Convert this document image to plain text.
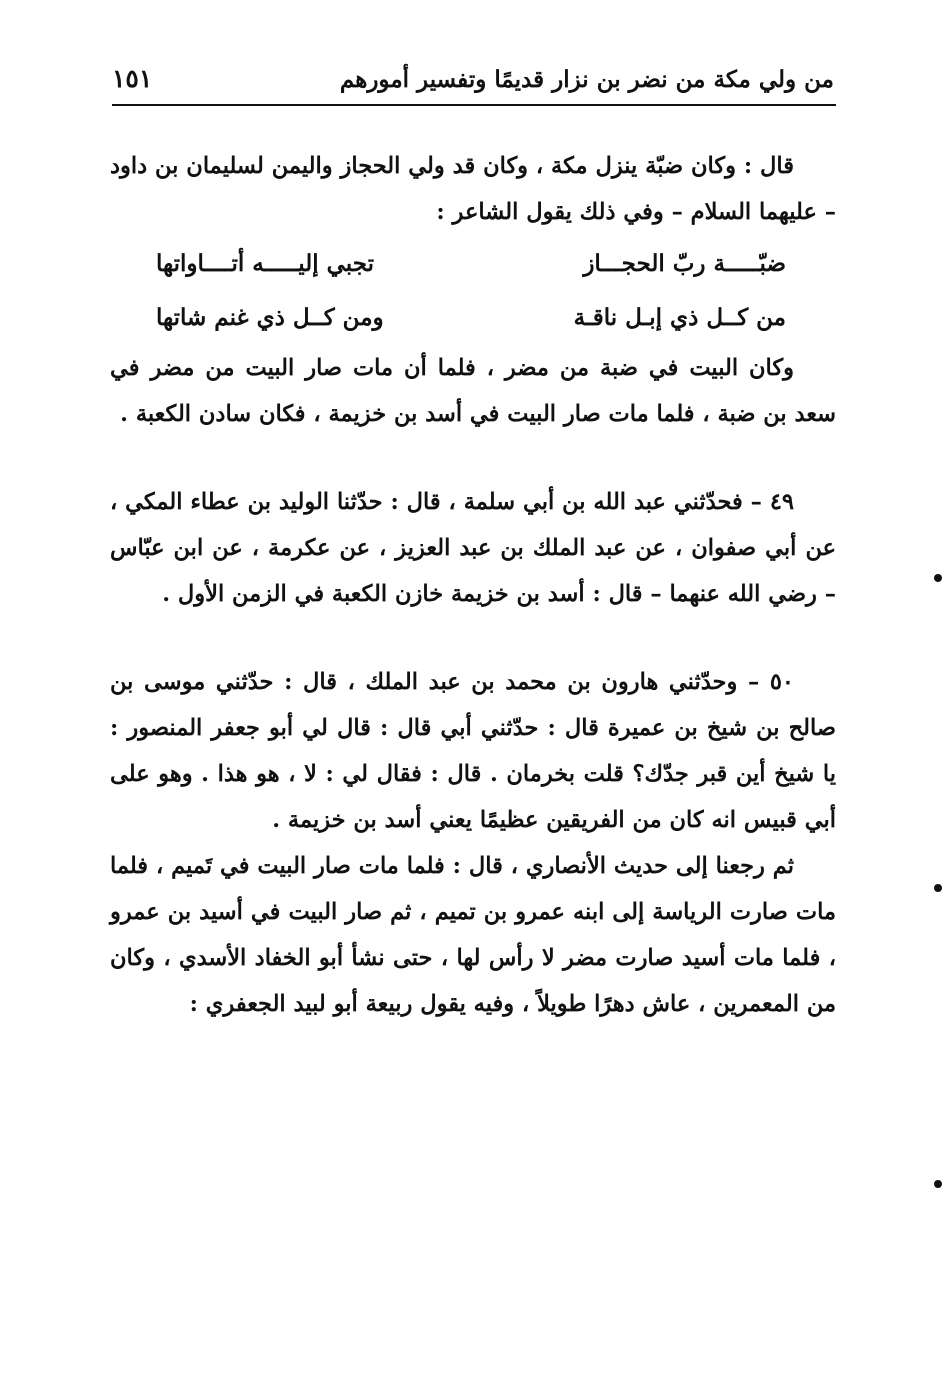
من ولي مكة من نضر بن نزار قديمًا وتفسير أمورهم
١٥١

قال : وكان ضبّة ينزل مكة ، وكان قد ولي الحجاز واليمن لسليمان بن داود – عليهما السلام – وفي ذلك يقول الشاعر :

ضبّـــــة ربّ الحجـــاز
تجبي إليـــــه أتــــاواتها
من كــل ذي إبـل ناقـة
ومن كــل ذي غنم شاتها

وكان البيت في ضبة من مضر ، فلما أن مات صار البيت من مضر في سعد بن ضبة ، فلما مات صار البيت في أسد بن خزيمة ، فكان سادن الكعبة .

٤٩ – فحدّثني عبد الله بن أبي سلمة ، قال : حدّثنا الوليد بن عطاء المكي ، عن أبي صفوان ، عن عبد الملك بن عبد العزيز ، عن عكرمة ، عن ابن عبّاس – رضي الله عنهما – قال : أسد بن خزيمة خازن الكعبة في الزمن الأول .

٥٠ – وحدّثني هارون بن محمد بن عبد الملك ، قال : حدّثني موسى بن صالح بن شيخ بن عميرة قال : حدّثني أبي قال : قال لي أبو جعفر المنصور : يا شيخ أين قبر جدّك؟ قلت بخرمان . قال : فقال لي : لا ، هو هذا . وهو على أبي قبيس انه كان من الفريقين عظيمًا يعني أسد بن خزيمة .

ثم رجعنا إلى حديث الأنصاري ، قال : فلما مات صار البيت في تَميم ، فلما مات صارت الرياسة إلى ابنه عمرو بن تميم ، ثم صار البيت في أسيد بن عمرو ، فلما مات أسيد صارت مضر لا رأس لها ، حتى نشأ أبو الخفاد الأسدي ، وكان من المعمرين ، عاش دهرًا طويلاً ، وفيه يقول ربيعة أبو لبيد الجعفري :
